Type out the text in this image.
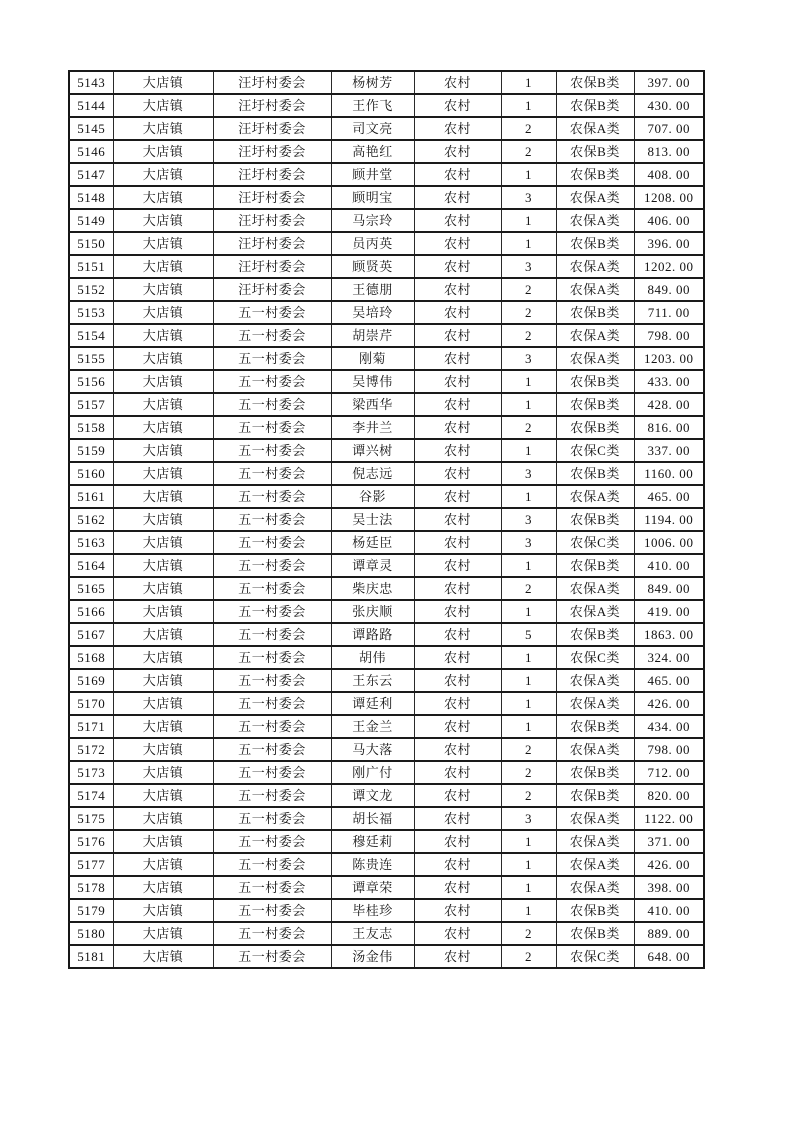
5143	大店镇	汪圩村委会	杨树芳	农村	1	农保B类	397. 00
5144	大店镇	汪圩村委会	王作飞	农村	1	农保B类	430. 00
5145	大店镇	汪圩村委会	司文亮	农村	2	农保A类	707. 00
5146	大店镇	汪圩村委会	高艳红	农村	2	农保B类	813. 00
5147	大店镇	汪圩村委会	顾井堂	农村	1	农保B类	408. 00
5148	大店镇	汪圩村委会	顾明宝	农村	3	农保A类	1208. 00
5149	大店镇	汪圩村委会	马宗玲	农村	1	农保A类	406. 00
5150	大店镇	汪圩村委会	员丙英	农村	1	农保B类	396. 00
5151	大店镇	汪圩村委会	顾贤英	农村	3	农保A类	1202. 00
5152	大店镇	汪圩村委会	王德朋	农村	2	农保A类	849. 00
5153	大店镇	五一村委会	吴培玲	农村	2	农保B类	711. 00
5154	大店镇	五一村委会	胡崇芹	农村	2	农保A类	798. 00
5155	大店镇	五一村委会	刚菊	农村	3	农保A类	1203. 00
5156	大店镇	五一村委会	吴博伟	农村	1	农保B类	433. 00
5157	大店镇	五一村委会	梁西华	农村	1	农保B类	428. 00
5158	大店镇	五一村委会	李井兰	农村	2	农保B类	816. 00
5159	大店镇	五一村委会	谭兴树	农村	1	农保C类	337. 00
5160	大店镇	五一村委会	倪志远	农村	3	农保B类	1160. 00
5161	大店镇	五一村委会	谷影	农村	1	农保A类	465. 00
5162	大店镇	五一村委会	吴士法	农村	3	农保B类	1194. 00
5163	大店镇	五一村委会	杨廷臣	农村	3	农保C类	1006. 00
5164	大店镇	五一村委会	谭章灵	农村	1	农保B类	410. 00
5165	大店镇	五一村委会	柴庆忠	农村	2	农保A类	849. 00
5166	大店镇	五一村委会	张庆顺	农村	1	农保A类	419. 00
5167	大店镇	五一村委会	谭路路	农村	5	农保B类	1863. 00
5168	大店镇	五一村委会	胡伟	农村	1	农保C类	324. 00
5169	大店镇	五一村委会	王东云	农村	1	农保A类	465. 00
5170	大店镇	五一村委会	谭廷利	农村	1	农保A类	426. 00
5171	大店镇	五一村委会	王金兰	农村	1	农保B类	434. 00
5172	大店镇	五一村委会	马大落	农村	2	农保A类	798. 00
5173	大店镇	五一村委会	刚广付	农村	2	农保B类	712. 00
5174	大店镇	五一村委会	谭文龙	农村	2	农保B类	820. 00
5175	大店镇	五一村委会	胡长福	农村	3	农保A类	1122. 00
5176	大店镇	五一村委会	穆廷莉	农村	1	农保A类	371. 00
5177	大店镇	五一村委会	陈贵连	农村	1	农保A类	426. 00
5178	大店镇	五一村委会	谭章荣	农村	1	农保A类	398. 00
5179	大店镇	五一村委会	毕桂珍	农村	1	农保B类	410. 00
5180	大店镇	五一村委会	王友志	农村	2	农保B类	889. 00
5181	大店镇	五一村委会	汤金伟	农村	2	农保C类	648. 00
